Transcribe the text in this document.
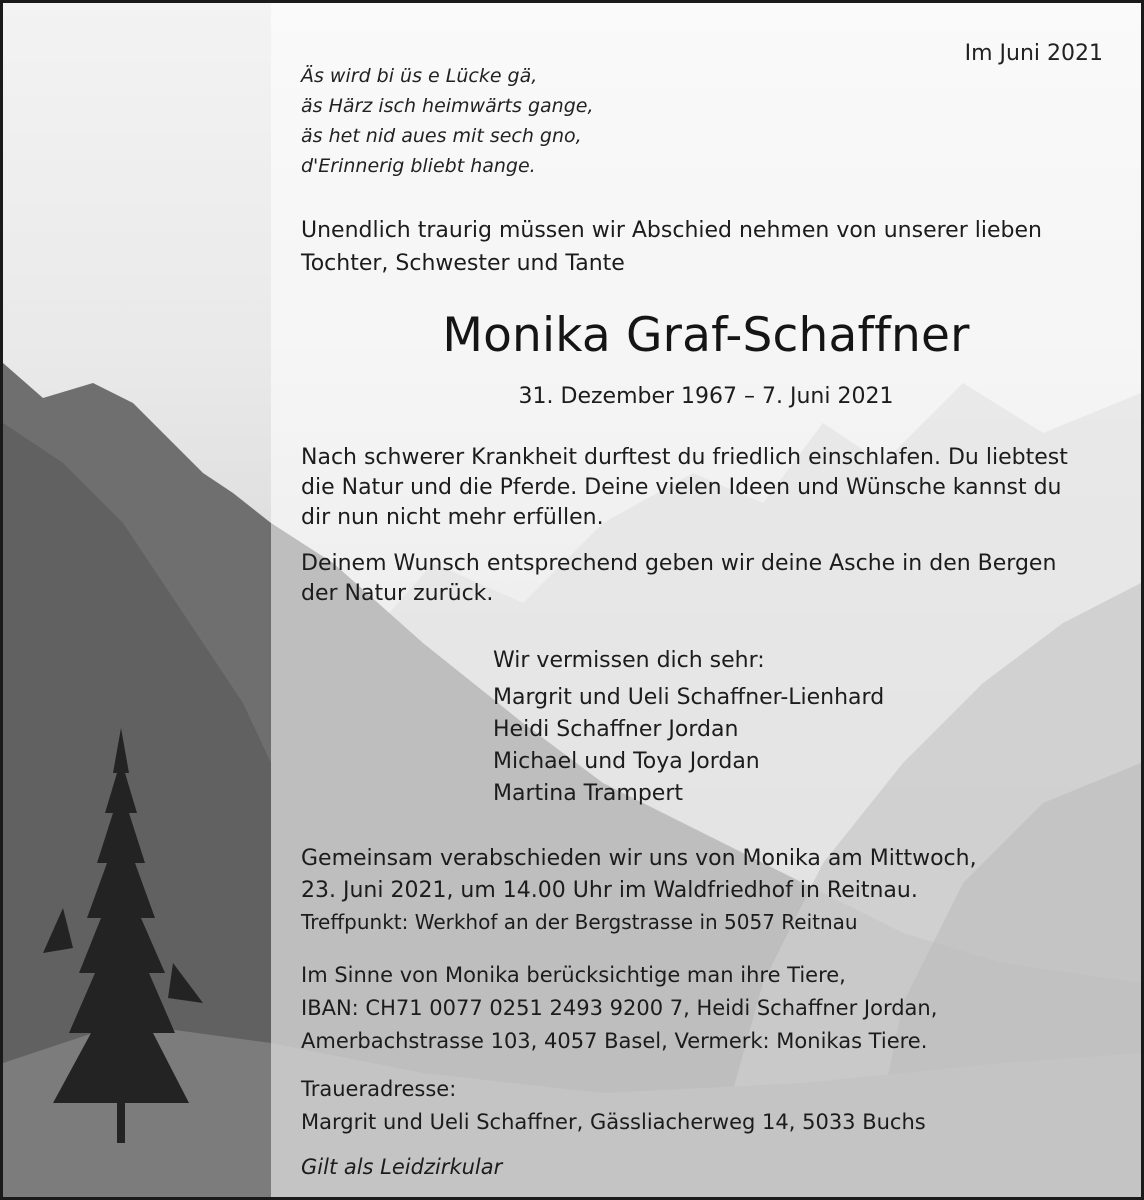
Im Juni 2021

Äs wird bi üs e Lücke gä,
äs Härz isch heimwärts gange,
äs het nid aues mit sech gno,
d'Erinnerig bliebt hange.
Unendlich traurig müssen wir Abschied nehmen von unserer lieben
Tochter, Schwester und Tante
Monika Graf-Schaffner

31. Dezember 1967 – 7. Juni 2021

Nach schwerer Krankheit durftest du friedlich einschlafen. Du liebtest
die Natur und die Pferde. Deine vielen Ideen und Wünsche kannst du
dir nun nicht mehr erfüllen.
Deinem Wunsch entsprechend geben wir deine Asche in den Bergen
der Natur zurück.

Wir vermissen dich sehr:

Margrit und Ueli Schaffner-Lienhard
Heidi Schaffner Jordan
Michael und Toya Jordan
Martina Trampert
Gemeinsam verabschieden wir uns von Monika am Mittwoch,
23. Juni 2021, um 14.00 Uhr im Waldfriedhof in Reitnau.

Treffpunkt: Werkhof an der Bergstrasse in 5057 Reitnau

Im Sinne von Monika berücksichtige man ihre Tiere,
IBAN: CH71 0077 0251 2493 9200 7, Heidi Schaffner Jordan,
Amerbachstrasse 103, 4057 Basel, Vermerk: Monikas Tiere.

Traueradresse:

Margrit und Ueli Schaffner, Gässliacherweg 14, 5033 Buchs

Gilt als Leidzirkular
